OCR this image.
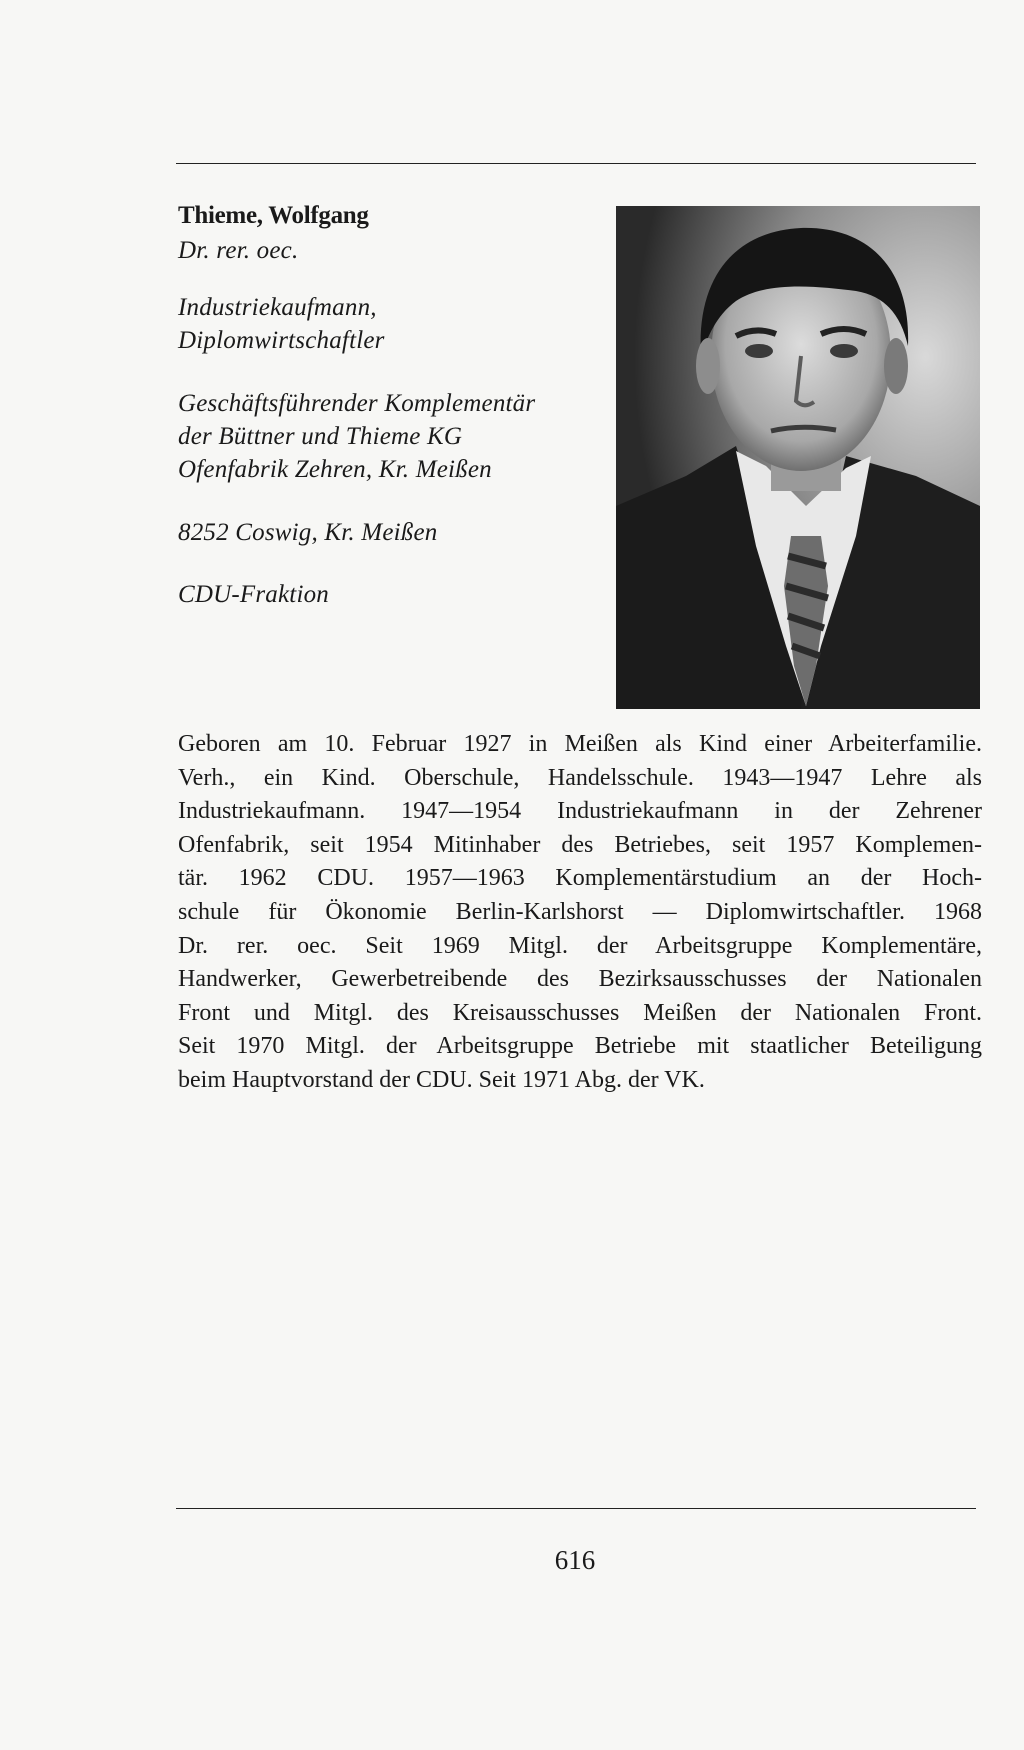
Thieme, Wolfgang
Dr. rer. oec.
Industriekaufmann,
Diplomwirtschaftler
Geschäftsführender Komplementär
der Büttner und Thieme KG
Ofenfabrik Zehren, Kr. Meißen
8252 Coswig, Kr. Meißen
CDU-Fraktion
Geboren am 10. Februar 1927 in Meißen als Kind einer Arbeiterfamilie.
Verh., ein Kind. Oberschule, Handelsschule. 1943—1947 Lehre als
Industriekaufmann. 1947—1954 Industriekaufmann in der Zehrener
Ofenfabrik, seit 1954 Mitinhaber des Betriebes, seit 1957 Komplemen-
tär. 1962 CDU. 1957—1963 Komplementärstudium an der Hoch-
schule für Ökonomie Berlin-Karlshorst — Diplomwirtschaftler. 1968
Dr. rer. oec. Seit 1969 Mitgl. der Arbeitsgruppe Komplementäre,
Handwerker, Gewerbetreibende des Bezirksausschusses der Nationalen
Front und Mitgl. des Kreisausschusses Meißen der Nationalen Front.
Seit 1970 Mitgl. der Arbeitsgruppe Betriebe mit staatlicher Beteiligung
beim Hauptvorstand der CDU. Seit 1971 Abg. der VK.
616
